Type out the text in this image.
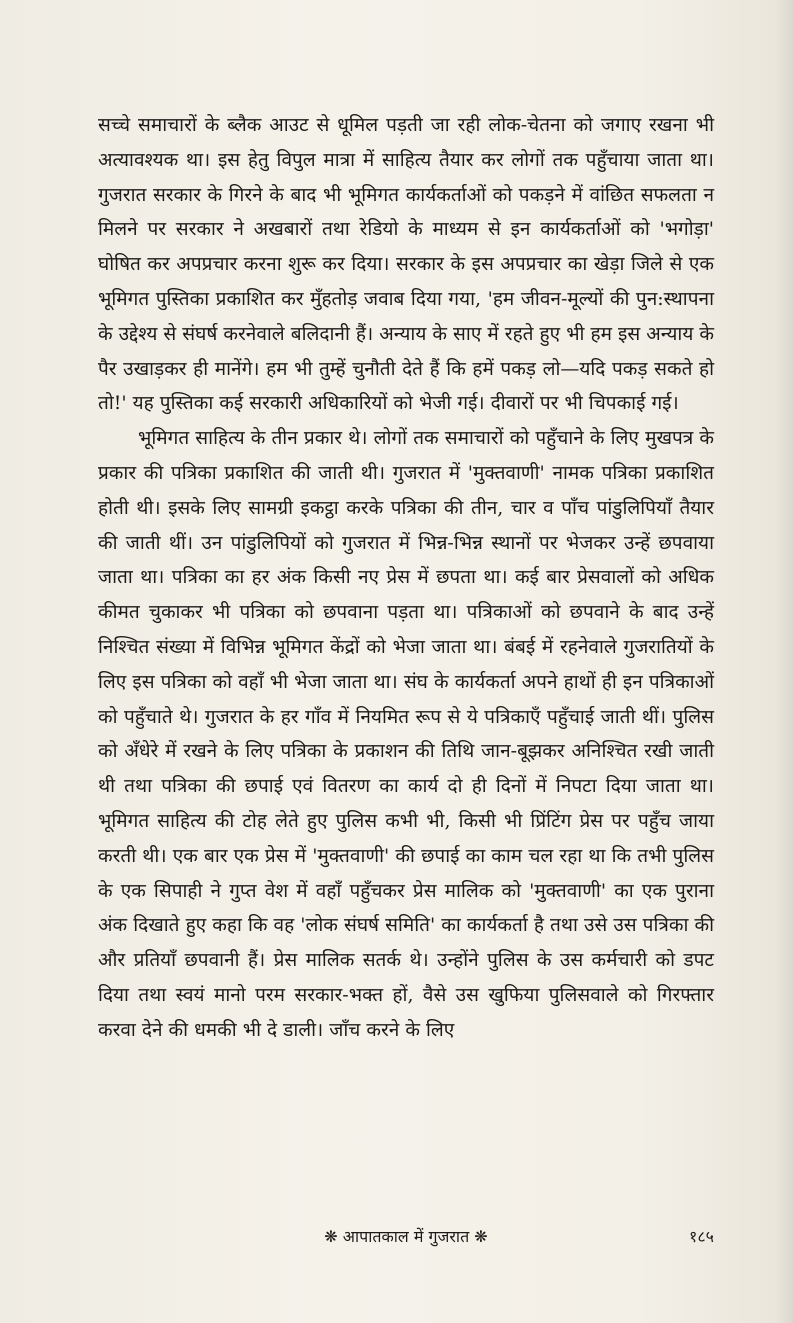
सच्चे समाचारों के ब्लैक आउट से धूमिल पड़ती जा रही लोक-चेतना को जगाए रखना भी अत्यावश्यक था। इस हेतु विपुल मात्रा में साहित्य तैयार कर लोगों तक पहुँचाया जाता था। गुजरात सरकार के गिरने के बाद भी भूमिगत कार्यकर्ताओं को पकड़ने में वांछित सफलता न मिलने पर सरकार ने अखबारों तथा रेडियो के माध्यम से इन कार्यकर्ताओं को 'भगोड़ा' घोषित कर अपप्रचार करना शुरू कर दिया। सरकार के इस अपप्रचार का खेड़ा जिले से एक भूमिगत पुस्तिका प्रकाशित कर मुँहतोड़ जवाब दिया गया, 'हम जीवन-मूल्यों की पुन:स्थापना के उद्देश्य से संघर्ष करनेवाले बलिदानी हैं। अन्याय के साए में रहते हुए भी हम इस अन्याय के पैर उखाड़कर ही मानेंगे। हम भी तुम्हें चुनौती देते हैं कि हमें पकड़ लो—यदि पकड़ सकते हो तो!' यह पुस्तिका कई सरकारी अधिकारियों को भेजी गई। दीवारों पर भी चिपकाई गई।

भूमिगत साहित्य के तीन प्रकार थे। लोगों तक समाचारों को पहुँचाने के लिए मुखपत्र के प्रकार की पत्रिका प्रकाशित की जाती थी। गुजरात में 'मुक्तवाणी' नामक पत्रिका प्रकाशित होती थी। इसके लिए सामग्री इकट्ठा करके पत्रिका की तीन, चार व पाँच पांडुलिपियाँ तैयार की जाती थीं। उन पांडुलिपियों को गुजरात में भिन्न-भिन्न स्थानों पर भेजकर उन्हें छपवाया जाता था। पत्रिका का हर अंक किसी नए प्रेस में छपता था। कई बार प्रेसवालों को अधिक कीमत चुकाकर भी पत्रिका को छपवाना पड़ता था। पत्रिकाओं को छपवाने के बाद उन्हें निश्चित संख्या में विभिन्न भूमिगत केंद्रों को भेजा जाता था। बंबई में रहनेवाले गुजरातियों के लिए इस पत्रिका को वहाँ भी भेजा जाता था। संघ के कार्यकर्ता अपने हाथों ही इन पत्रिकाओं को पहुँचाते थे। गुजरात के हर गाँव में नियमित रूप से ये पत्रिकाएँ पहुँचाई जाती थीं। पुलिस को अँधेरे में रखने के लिए पत्रिका के प्रकाशन की तिथि जान-बूझकर अनिश्चित रखी जाती थी तथा पत्रिका की छपाई एवं वितरण का कार्य दो ही दिनों में निपटा दिया जाता था। भूमिगत साहित्य की टोह लेते हुए पुलिस कभी भी, किसी भी प्रिंटिंग प्रेस पर पहुँच जाया करती थी। एक बार एक प्रेस में 'मुक्तवाणी' की छपाई का काम चल रहा था कि तभी पुलिस के एक सिपाही ने गुप्त वेश में वहाँ पहुँचकर प्रेस मालिक को 'मुक्तवाणी' का एक पुराना अंक दिखाते हुए कहा कि वह 'लोक संघर्ष समिति' का कार्यकर्ता है तथा उसे उस पत्रिका की और प्रतियाँ छपवानी हैं। प्रेस मालिक सतर्क थे। उन्होंने पुलिस के उस कर्मचारी को डपट दिया तथा स्वयं मानो परम सरकार-भक्त हों, वैसे उस खुफिया पुलिसवाले को गिरफ्तार करवा देने की धमकी भी दे डाली। जाँच करने के लिए

❋ आपातकाल में गुजरात ❋	१८५
